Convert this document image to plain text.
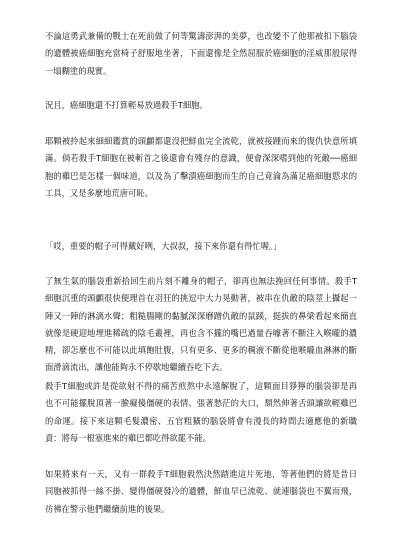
不論這勇武兼備的戰士在死前做了何等驚濤澎湃的美夢，也改變不了他那被扣下腦袋的遺體被癌細胞充當椅子舒服地坐著，下面還像是全然屈服於癌細胞的淫威那般尿得一塌糊塗的現實。
況且，癌細胞還不打算輕易放過殺手T細胞。
耶顆被拎起來細細鑑賞的頭顱都還沒把鮮血完全流乾，就被接踵而來的復仇快意所填滿。倘若殺手T細胞在被斬首之後還會有殘存的意識，便會深深嗜到他的死敵──癌細胞的雞巴是怎樣一個味道，以及為了擊潰癌細胞而生的自己竟淪為滿足癌細胞慾求的工具，又是多麼地荒唐可恥。
「哎，重要的帽子可得戴好咧，大叔叔，接下來你還有得忙喔。」
了無生氣的腦袋重新拾回生前片刻不離身的帽子，卻再也無法挽回任何事情。殺手T細胞沉重的頭顱很快便理首在羽狂的挑逗中大力晃動著，被串在仇敵的陰莖上攝起一陣又一陣的淋漓水聲；粗糙腸剛的黏膩深深磨蹭仇敵的鼠蹊，挺拔的鼻梁看起來簡直就像是硬迎地埋進稀疏的陰毛叢裡，再也含不攏的嘴巴過量吞噱著不斷注入喉嚨的濃精，卻怎麼也不可能以此填飽肚腹，只有更多、更多的稠液不斷從他喉嚨血淋淋的斷面滑滴流出，讓他能夠永不停歇地繼續吞吃下去。
殺手T細胞或許是從欲射不得的痛苦煎熬中永遠解脫了，這顆面目猙獰的腦袋卻是再也不可能擺脫頂著一臉癡傻僵硬的表情、張著愁茫的大口，頹然伸著舌頭讓欲輕雞巴的命運。接下來這顆毛髮濃密、五官粗獷的腦袋將會有漫長的時間去適應他的新職責：將每一根塞進來的雞巴都吃得欲罷不能。
如果將來有一天，又有一群殺手T細胞毅然決然踏進這片死地，等著他們的將是昔日同胞被抓得一絲不掛、變得僵硬發冷的遺體，鮮血早已流乾、就連腦袋也不翼而飛，彷彿在警示他們繼續前進的後果。
